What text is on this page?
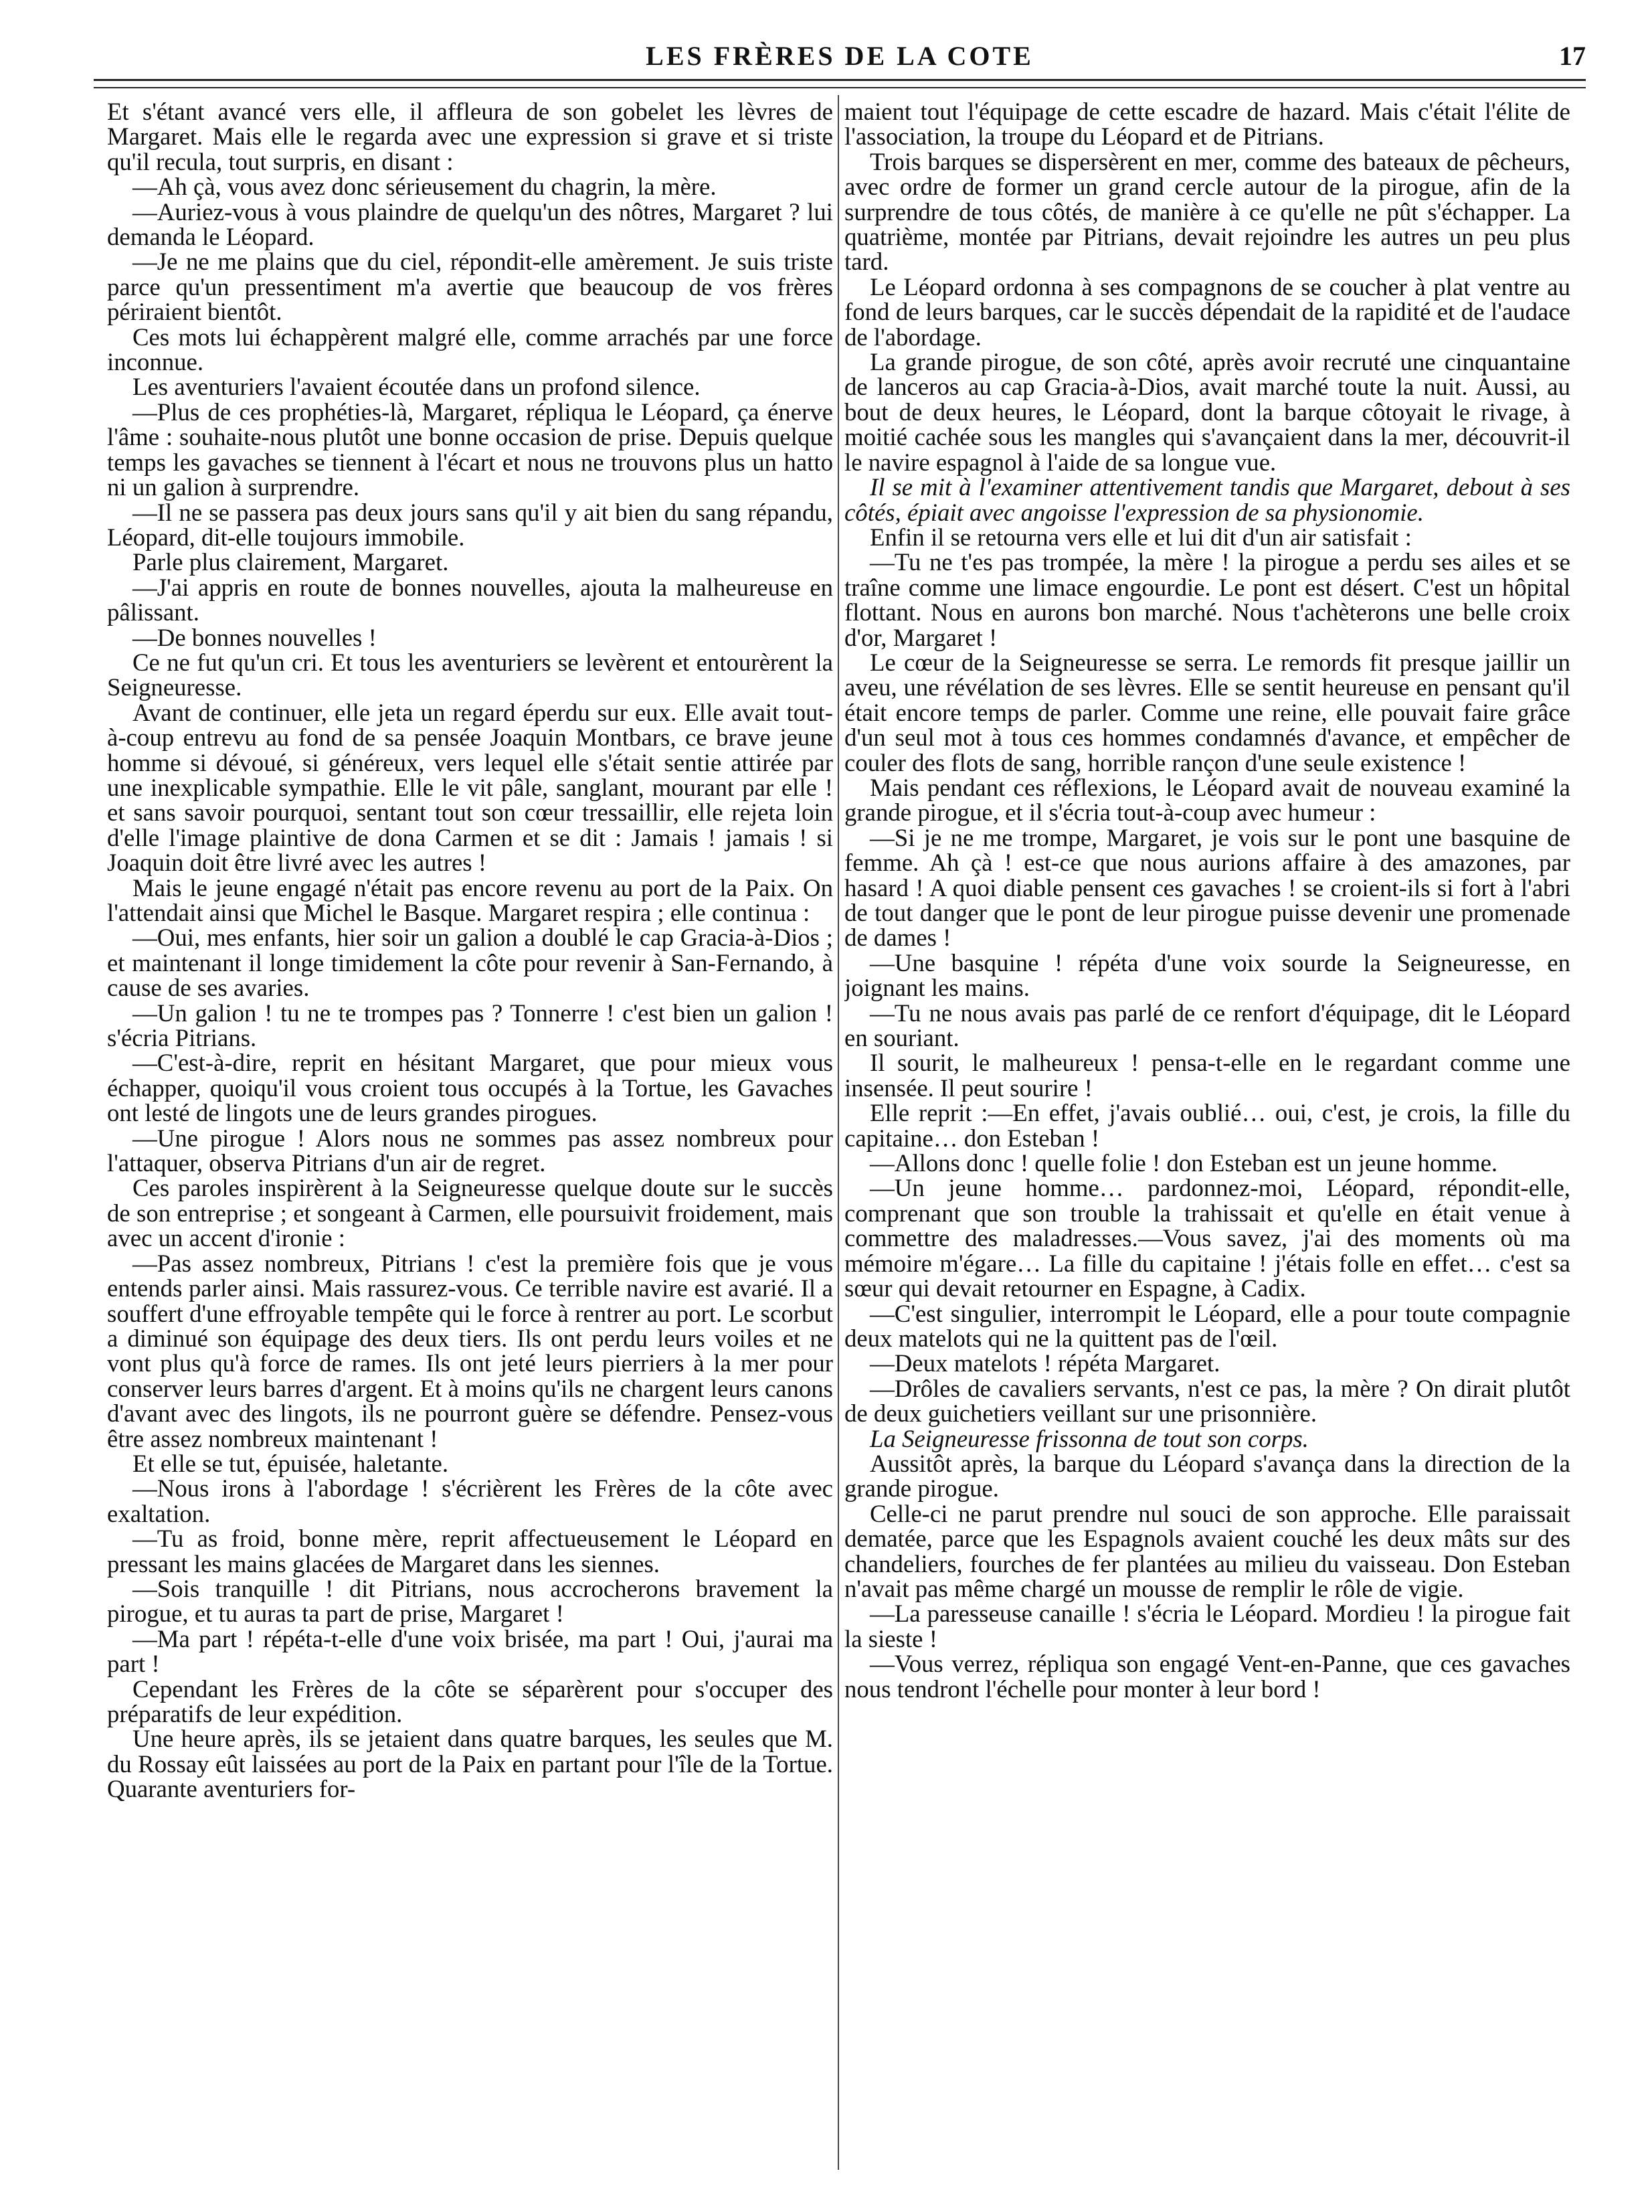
LES FRÈRES DE LA COTE	17

Et s'étant avancé vers elle, il affleura de son gobelet les lèvres de Margaret. Mais elle le regarda avec une expression si grave et si triste qu'il recula, tout surpris, en disant :

—Ah çà, vous avez donc sérieusement du chagrin, la mère.

—Auriez-vous à vous plaindre de quelqu'un des nôtres, Margaret ? lui demanda le Léopard.

—Je ne me plains que du ciel, répondit-elle amèrement. Je suis triste parce qu'un pressentiment m'a avertie que beaucoup de vos frères périraient bientôt.

Ces mots lui échappèrent malgré elle, comme arrachés par une force inconnue.

Les aventuriers l'avaient écoutée dans un profond silence.

—Plus de ces prophéties-là, Margaret, répliqua le Léopard, ça énerve l'âme : souhaite-nous plutôt une bonne occasion de prise. Depuis quelque temps les gavaches se tiennent à l'écart et nous ne trouvons plus un hatto ni un galion à surprendre.

—Il ne se passera pas deux jours sans qu'il y ait bien du sang répandu, Léopard, dit-elle toujours immobile.

Parle plus clairement, Margaret.

—J'ai appris en route de bonnes nouvelles, ajouta la malheureuse en pâlissant.

—De bonnes nouvelles !

Ce ne fut qu'un cri. Et tous les aventuriers se levèrent et entourèrent la Seigneuresse.

Avant de continuer, elle jeta un regard éperdu sur eux. Elle avait tout-à-coup entrevu au fond de sa pensée Joaquin Montbars, ce brave jeune homme si dévoué, si généreux, vers lequel elle s'était sentie attirée par une inexplicable sympathie. Elle le vit pâle, sanglant, mourant par elle ! et sans savoir pourquoi, sentant tout son cœur tressaillir, elle rejeta loin d'elle l'image plaintive de dona Carmen et se dit : Jamais ! jamais ! si Joaquin doit être livré avec les autres !

Mais le jeune engagé n'était pas encore revenu au port de la Paix. On l'attendait ainsi que Michel le Basque. Margaret respira ; elle continua :

—Oui, mes enfants, hier soir un galion a doublé le cap Gracia-à-Dios ; et maintenant il longe timidement la côte pour revenir à San-Fernando, à cause de ses avaries.

—Un galion ! tu ne te trompes pas ? Tonnerre ! c'est bien un galion ! s'écria Pitrians.

—C'est-à-dire, reprit en hésitant Margaret, que pour mieux vous échapper, quoiqu'il vous croient tous occupés à la Tortue, les Gavaches ont lesté de lingots une de leurs grandes pirogues.

—Une pirogue ! Alors nous ne sommes pas assez nombreux pour l'attaquer, observa Pitrians d'un air de regret.

Ces paroles inspirèrent à la Seigneuresse quelque doute sur le succès de son entreprise ; et songeant à Carmen, elle poursuivit froidement, mais avec un accent d'ironie :

—Pas assez nombreux, Pitrians ! c'est la première fois que je vous entends parler ainsi. Mais rassurez-vous. Ce terrible navire est avarié. Il a souffert d'une effroyable tempête qui le force à rentrer au port. Le scorbut a diminué son équipage des deux tiers. Ils ont perdu leurs voiles et ne vont plus qu'à force de rames. Ils ont jeté leurs pierriers à la mer pour conserver leurs barres d'argent. Et à moins qu'ils ne chargent leurs canons d'avant avec des lingots, ils ne pourront guère se défendre. Pensez-vous être assez nombreux maintenant !

Et elle se tut, épuisée, haletante.

—Nous irons à l'abordage ! s'écrièrent les Frères de la côte avec exaltation.

—Tu as froid, bonne mère, reprit affectueusement le Léopard en pressant les mains glacées de Margaret dans les siennes.

—Sois tranquille ! dit Pitrians, nous accrocherons bravement la pirogue, et tu auras ta part de prise, Margaret !

—Ma part ! répéta-t-elle d'une voix brisée, ma part ! Oui, j'aurai ma part !

Cependant les Frères de la côte se séparèrent pour s'occuper des préparatifs de leur expédition.

Une heure après, ils se jetaient dans quatre barques, les seules que M. du Rossay eût laissées au port de la Paix en partant pour l'île de la Tortue. Quarante aventuriers for-

maient tout l'équipage de cette escadre de hazard. Mais c'était l'élite de l'association, la troupe du Léopard et de Pitrians.

Trois barques se dispersèrent en mer, comme des bateaux de pêcheurs, avec ordre de former un grand cercle autour de la pirogue, afin de la surprendre de tous côtés, de manière à ce qu'elle ne pût s'échapper. La quatrième, montée par Pitrians, devait rejoindre les autres un peu plus tard.

Le Léopard ordonna à ses compagnons de se coucher à plat ventre au fond de leurs barques, car le succès dépendait de la rapidité et de l'audace de l'abordage.

La grande pirogue, de son côté, après avoir recruté une cinquantaine de lanceros au cap Gracia-à-Dios, avait marché toute la nuit. Aussi, au bout de deux heures, le Léopard, dont la barque côtoyait le rivage, à moitié cachée sous les mangles qui s'avançaient dans la mer, découvrit-il le navire espagnol à l'aide de sa longue vue.

Il se mit à l'examiner attentivement tandis que Margaret, debout à ses côtés, épiait avec angoisse l'expression de sa physionomie.

Enfin il se retourna vers elle et lui dit d'un air satisfait :

—Tu ne t'es pas trompée, la mère ! la pirogue a perdu ses ailes et se traîne comme une limace engourdie. Le pont est désert. C'est un hôpital flottant. Nous en aurons bon marché. Nous t'achèterons une belle croix d'or, Margaret !

Le cœur de la Seigneuresse se serra. Le remords fit presque jaillir un aveu, une révélation de ses lèvres. Elle se sentit heureuse en pensant qu'il était encore temps de parler. Comme une reine, elle pouvait faire grâce d'un seul mot à tous ces hommes condamnés d'avance, et empêcher de couler des flots de sang, horrible rançon d'une seule existence !

Mais pendant ces réflexions, le Léopard avait de nouveau examiné la grande pirogue, et il s'écria tout-à-coup avec humeur :

—Si je ne me trompe, Margaret, je vois sur le pont une basquine de femme. Ah çà ! est-ce que nous aurions affaire à des amazones, par hasard ! A quoi diable pensent ces gavaches ! se croient-ils si fort à l'abri de tout danger que le pont de leur pirogue puisse devenir une promenade de dames !

—Une basquine ! répéta d'une voix sourde la Seigneuresse, en joignant les mains.

—Tu ne nous avais pas parlé de ce renfort d'équipage, dit le Léopard en souriant.

Il sourit, le malheureux ! pensa-t-elle en le regardant comme une insensée. Il peut sourire !

Elle reprit :—En effet, j'avais oublié… oui, c'est, je crois, la fille du capitaine… don Esteban !

—Allons donc ! quelle folie ! don Esteban est un jeune homme.

—Un jeune homme… pardonnez-moi, Léopard, répondit-elle, comprenant que son trouble la trahissait et qu'elle en était venue à commettre des maladresses.—Vous savez, j'ai des moments où ma mémoire m'égare… La fille du capitaine ! j'étais folle en effet… c'est sa sœur qui devait retourner en Espagne, à Cadix.

—C'est singulier, interrompit le Léopard, elle a pour toute compagnie deux matelots qui ne la quittent pas de l'œil.

—Deux matelots ! répéta Margaret.

—Drôles de cavaliers servants, n'est ce pas, la mère ? On dirait plutôt de deux guichetiers veillant sur une prisonnière.

La Seigneuresse frissonna de tout son corps.

Aussitôt après, la barque du Léopard s'avança dans la direction de la grande pirogue.

Celle-ci ne parut prendre nul souci de son approche. Elle paraissait dematée, parce que les Espagnols avaient couché les deux mâts sur des chandeliers, fourches de fer plantées au milieu du vaisseau. Don Esteban n'avait pas même chargé un mousse de remplir le rôle de vigie.

—La paresseuse canaille ! s'écria le Léopard. Mordieu ! la pirogue fait la sieste !

—Vous verrez, répliqua son engagé Vent-en-Panne, que ces gavaches nous tendront l'échelle pour monter à leur bord !
